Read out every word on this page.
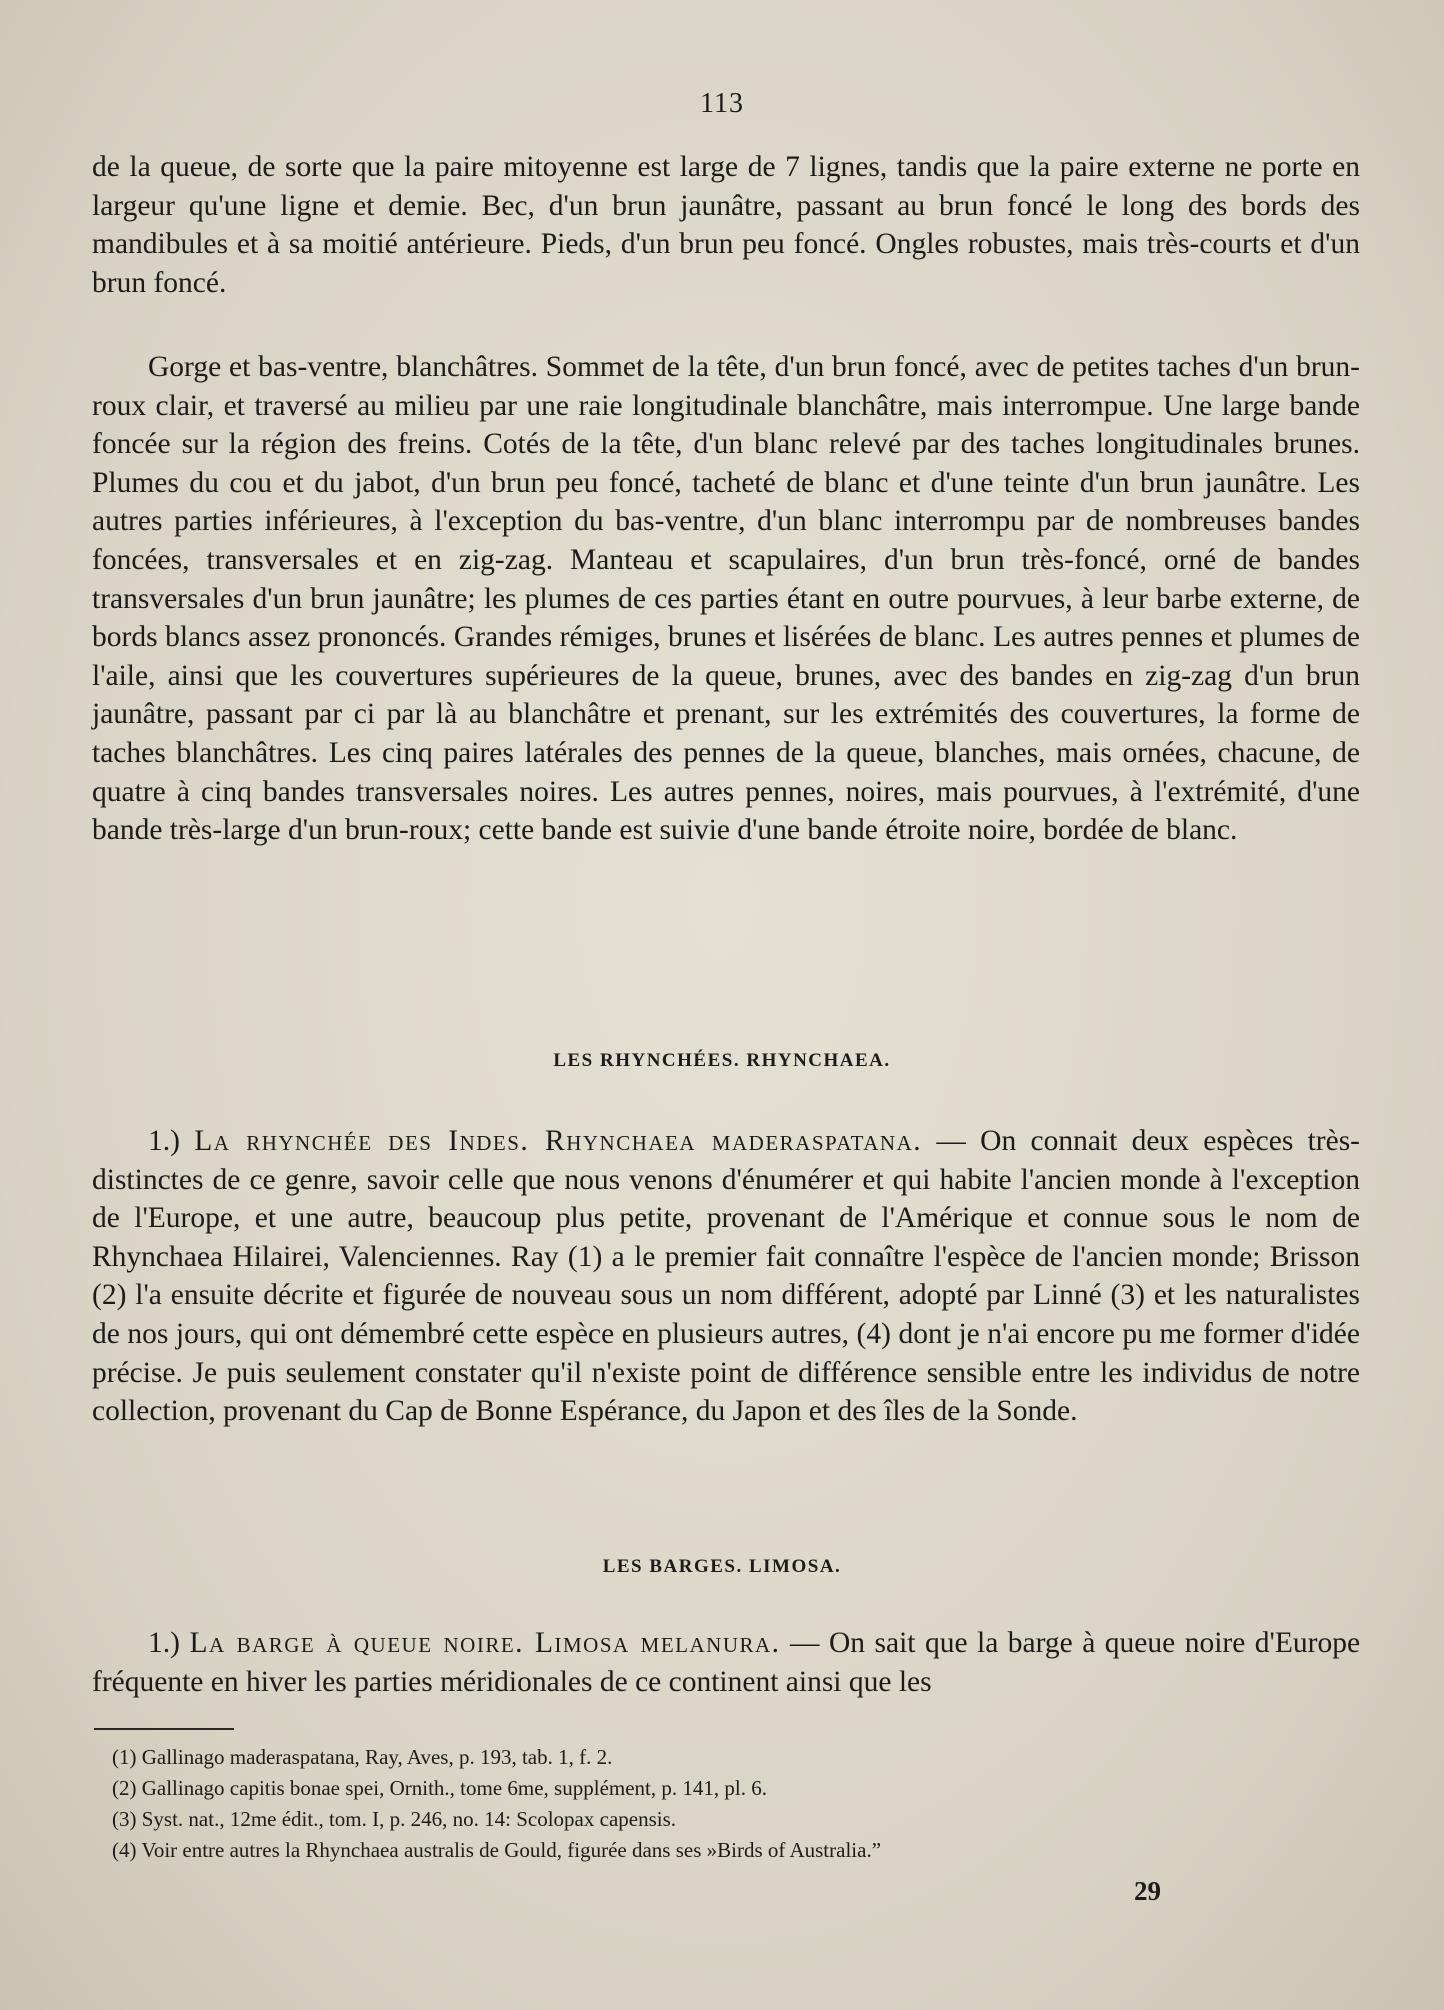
113

de la queue, de sorte que la paire mitoyenne est large de 7 lignes, tandis que la paire externe ne porte en largeur qu'une ligne et demie. Bec, d'un brun jaunâtre, passant au brun foncé le long des bords des mandibules et à sa moitié antérieure. Pieds, d'un brun peu foncé. Ongles robustes, mais très-courts et d'un brun foncé.

Gorge et bas-ventre, blanchâtres. Sommet de la tête, d'un brun foncé, avec de petites taches d'un brun-roux clair, et traversé au milieu par une raie longitudinale blanchâtre, mais interrompue. Une large bande foncée sur la région des freins. Cotés de la tête, d'un blanc relevé par des taches longitudinales brunes. Plumes du cou et du jabot, d'un brun peu foncé, tacheté de blanc et d'une teinte d'un brun jaunâtre. Les autres parties inférieures, à l'exception du bas-ventre, d'un blanc interrompu par de nombreuses bandes foncées, transversales et en zig-zag. Manteau et scapulaires, d'un brun très-foncé, orné de bandes transversales d'un brun jaunâtre; les plumes de ces parties étant en outre pourvues, à leur barbe externe, de bords blancs assez prononcés. Grandes rémiges, brunes et lisérées de blanc. Les autres pennes et plumes de l'aile, ainsi que les couvertures supérieures de la queue, brunes, avec des bandes en zig-zag d'un brun jaunâtre, passant par ci par là au blanchâtre et prenant, sur les extrémités des couvertures, la forme de taches blanchâtres. Les cinq paires latérales des pennes de la queue, blanches, mais ornées, chacune, de quatre à cinq bandes transversales noires. Les autres pennes, noires, mais pourvues, à l'extrémité, d'une bande très-large d'un brun-roux; cette bande est suivie d'une bande étroite noire, bordée de blanc.

LES RHYNCHÉES. RHYNCHAEA.

1.) La rhynchée des Indes. Rhynchaea maderaspatana. — On connait deux espèces très-distinctes de ce genre, savoir celle que nous venons d'énumérer et qui habite l'ancien monde à l'exception de l'Europe, et une autre, beaucoup plus petite, provenant de l'Amérique et connue sous le nom de Rhynchaea Hilairei, Valenciennes. Ray (1) a le premier fait connaître l'espèce de l'ancien monde; Brisson (2) l'a ensuite décrite et figurée de nouveau sous un nom différent, adopté par Linné (3) et les naturalistes de nos jours, qui ont démembré cette espèce en plusieurs autres, (4) dont je n'ai encore pu me former d'idée précise. Je puis seulement constater qu'il n'existe point de différence sensible entre les individus de notre collection, provenant du Cap de Bonne Espérance, du Japon et des îles de la Sonde.

LES BARGES. LIMOSA.

1.) La barge à queue noire. Limosa melanura. — On sait que la barge à queue noire d'Europe fréquente en hiver les parties méridionales de ce continent ainsi que les

(1) Gallinago maderaspatana, Ray, Aves, p. 193, tab. 1, f. 2.
(2) Gallinago capitis bonae spei, Ornith., tome 6me, supplément, p. 141, pl. 6.
(3) Syst. nat., 12me édit., tom. I, p. 246, no. 14: Scolopax capensis.
(4) Voir entre autres la Rhynchaea australis de Gould, figurée dans ses »Birds of Australia.”
29
